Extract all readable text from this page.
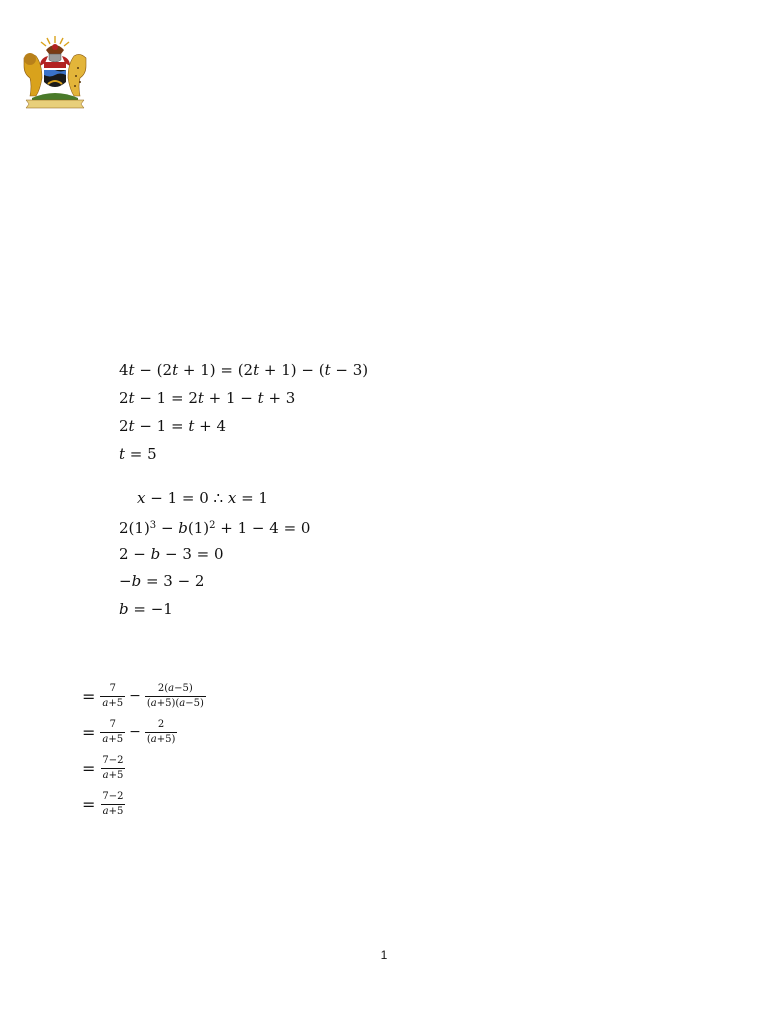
4𝑡 − (2𝑡 + 1) = (2𝑡 + 1) − (𝑡 − 3)
2𝑡 − 1 = 2𝑡 + 1 − 𝑡 + 3
2𝑡 − 1 = 𝑡 + 4
𝑡 = 5
𝑥 − 1 = 0 ∴ 𝑥 = 1
$2(1)^3$ − $𝑏(1)^2 + 1 - 4 = 0$
2 − 𝑏 − 3 = 0
−𝑏 = 3 − 2
𝑏 = −1
= $\frac{7}{\text{𝑎+5}} - \frac{\text{2(𝑎−5)}}{\text{(𝑎+5)(𝑎−5)}}$
= $\frac{7}{\text{𝑎+5}} - \frac{2}{\text{(𝑎+5)}}$
= $\frac{7-2}{\text{𝑎+5}}$
= $\frac{7-2}{\text{𝑎+5}}$
1
